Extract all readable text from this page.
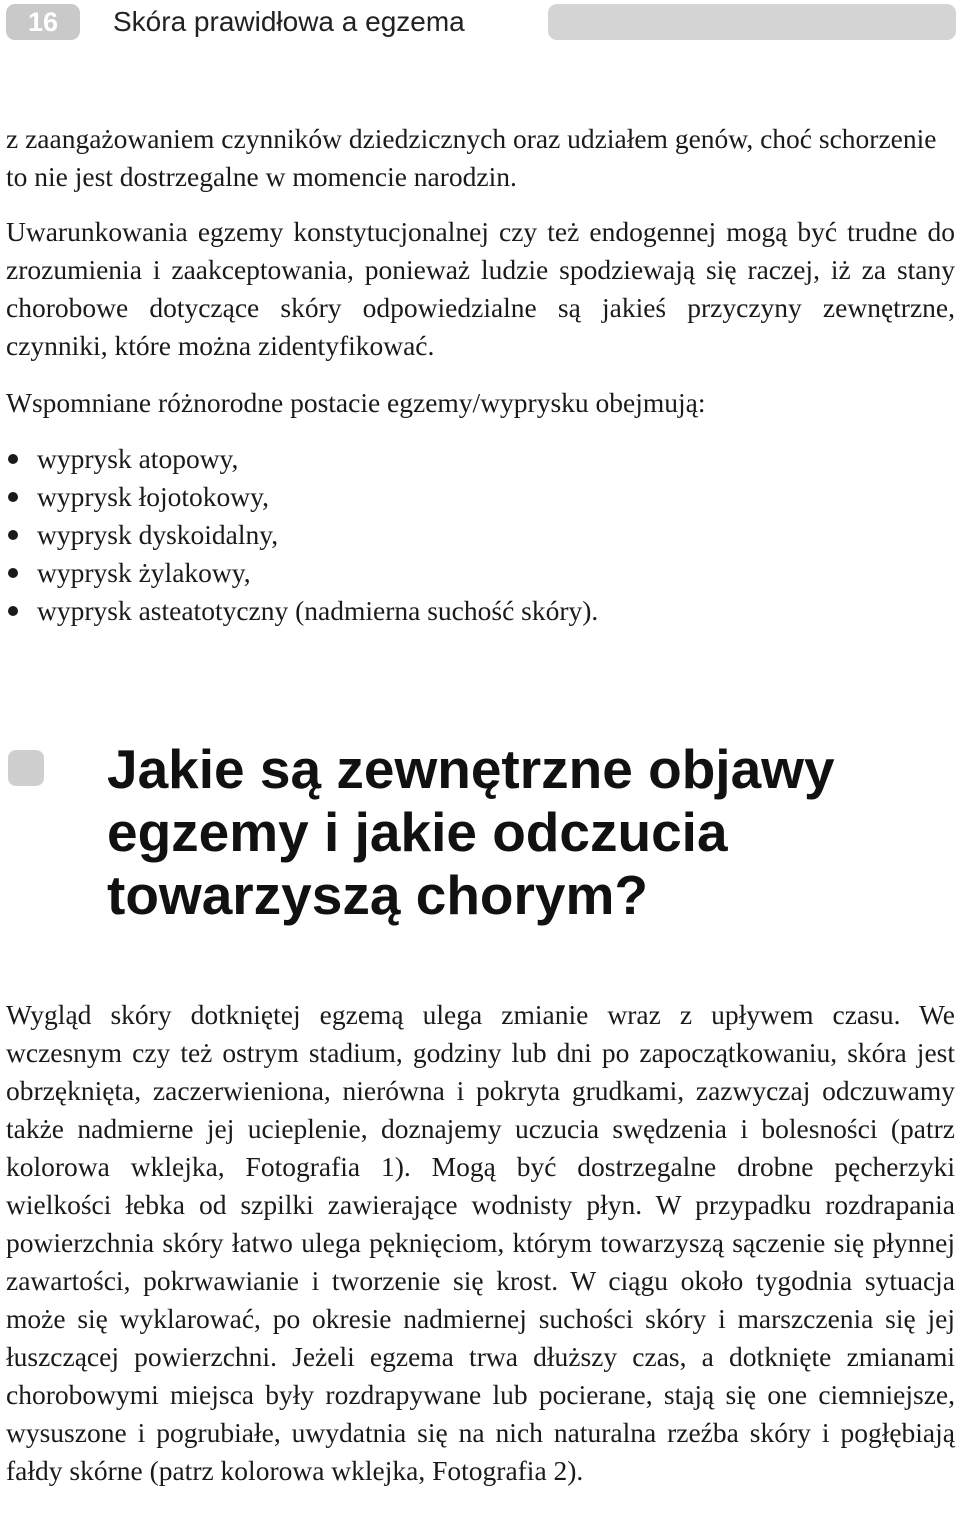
16	Skóra prawidłowa a egzema

z zaangażowaniem czynników dziedzicznych oraz udziałem genów, choć schorzenie to nie jest dostrzegalne w momencie narodzin.

Uwarunkowania egzemy konstytucjonalnej czy też endogennej mogą być trudne do zrozumienia i zaakceptowania, ponieważ ludzie spodziewają się raczej, iż za stany chorobowe dotyczące skóry odpowiedzialne są jakieś przyczyny zewnętrzne, czynniki, które można zidentyfikować.

Wspomniane różnorodne postacie egzemy/wyprysku obejmują:

wyprysk atopowy,
wyprysk łojotokowy,
wyprysk dyskoidalny,
wyprysk żylakowy,
wyprysk asteatotyczny (nadmierna suchość skóry).
Jakie są zewnętrzne objawy egzemy i jakie odczucia towarzyszą chorym?

Wygląd skóry dotkniętej egzemą ulega zmianie wraz z upływem czasu. We wczesnym czy też ostrym stadium, godziny lub dni po zapoczątkowaniu, skóra jest obrzęknięta, zaczerwieniona, nierówna i pokryta grudkami, zazwyczaj odczuwamy także nadmierne jej ucieplenie, doznajemy uczucia swędzenia i bolesności (patrz kolorowa wklejka, Fotografia 1). Mogą być dostrzegalne drobne pęcherzyki wielkości łebka od szpilki zawierające wodnisty płyn. W przypadku rozdrapania powierzchnia skóry łatwo ulega pęknięciom, którym towarzyszą sączenie się płynnej zawartości, pokrwawianie i tworzenie się krost. W ciągu około tygodnia sytuacja może się wyklarować, po okresie nadmiernej suchości skóry i marszczenia się jej łuszczącej powierzchni. Jeżeli egzema trwa dłuższy czas, a dotknięte zmianami chorobowymi miejsca były rozdrapywane lub pocierane, stają się one ciemniejsze, wysuszone i pogrubiałe, uwydatnia się na nich naturalna rzeźba skóry i pogłębiają fałdy skórne (patrz kolorowa wklejka, Fotografia 2).
